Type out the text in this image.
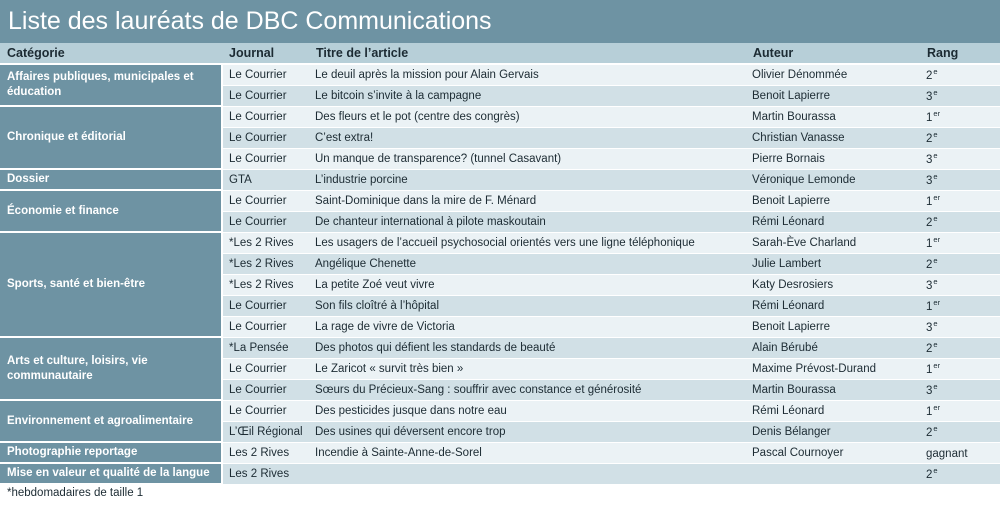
Liste des lauréats de DBC Communications
Catégorie	Journal	Titre de l’article	Auteur	Rang
Affaires publiques, municipales et éducation	Le Courrier	Le deuil après la mission pour Alain Gervais	Olivier Dénommée	2e
	Le Courrier	Le bitcoin s’invite à la campagne	Benoit Lapierre	3e
Chronique et éditorial	Le Courrier	Des fleurs et le pot (centre des congrès)	Martin Bourassa	1er
	Le Courrier	C’est extra!	Christian Vanasse	2e
	Le Courrier	Un manque de transparence? (tunnel Casavant)	Pierre Bornais	3e
Dossier	GTA	L’industrie porcine	Véronique Lemonde	3e
Économie et finance	Le Courrier	Saint-Dominique dans la mire de F. Ménard	Benoit Lapierre	1er
	Le Courrier	De chanteur international à pilote maskoutain	Rémi Léonard	2e
Sports, santé et bien-être	*Les 2 Rives	Les usagers de l’accueil psychosocial orientés vers une ligne téléphonique	Sarah-Ève Charland	1er
	*Les 2 Rives	Angélique Chenette	Julie Lambert	2e
	*Les 2 Rives	La petite Zoé veut vivre	Katy Desrosiers	3e
	Le Courrier	Son fils cloîtré à l’hôpital	Rémi Léonard	1er
	Le Courrier	La rage de vivre de Victoria	Benoit Lapierre	3e
Arts et culture, loisirs, vie communautaire	*La Pensée	Des photos qui défient les standards de beauté	Alain Bérubé	2e
	Le Courrier	Le Zaricot « survit très bien »	Maxime Prévost-Durand	1er
	Le Courrier	Sœurs du Précieux-Sang : souffrir avec constance et générosité	Martin Bourassa	3e
Environnement et agroalimentaire	Le Courrier	Des pesticides jusque dans notre eau	Rémi Léonard	1er
	L’Œil Régional	Des usines qui déversent encore trop	Denis Bélanger	2e
Photographie reportage	Les 2 Rives	Incendie à Sainte-Anne-de-Sorel	Pascal Cournoyer	gagnant
Mise en valeur et qualité de la langue	Les 2 Rives			2e
*hebdomadaires de taille 1
